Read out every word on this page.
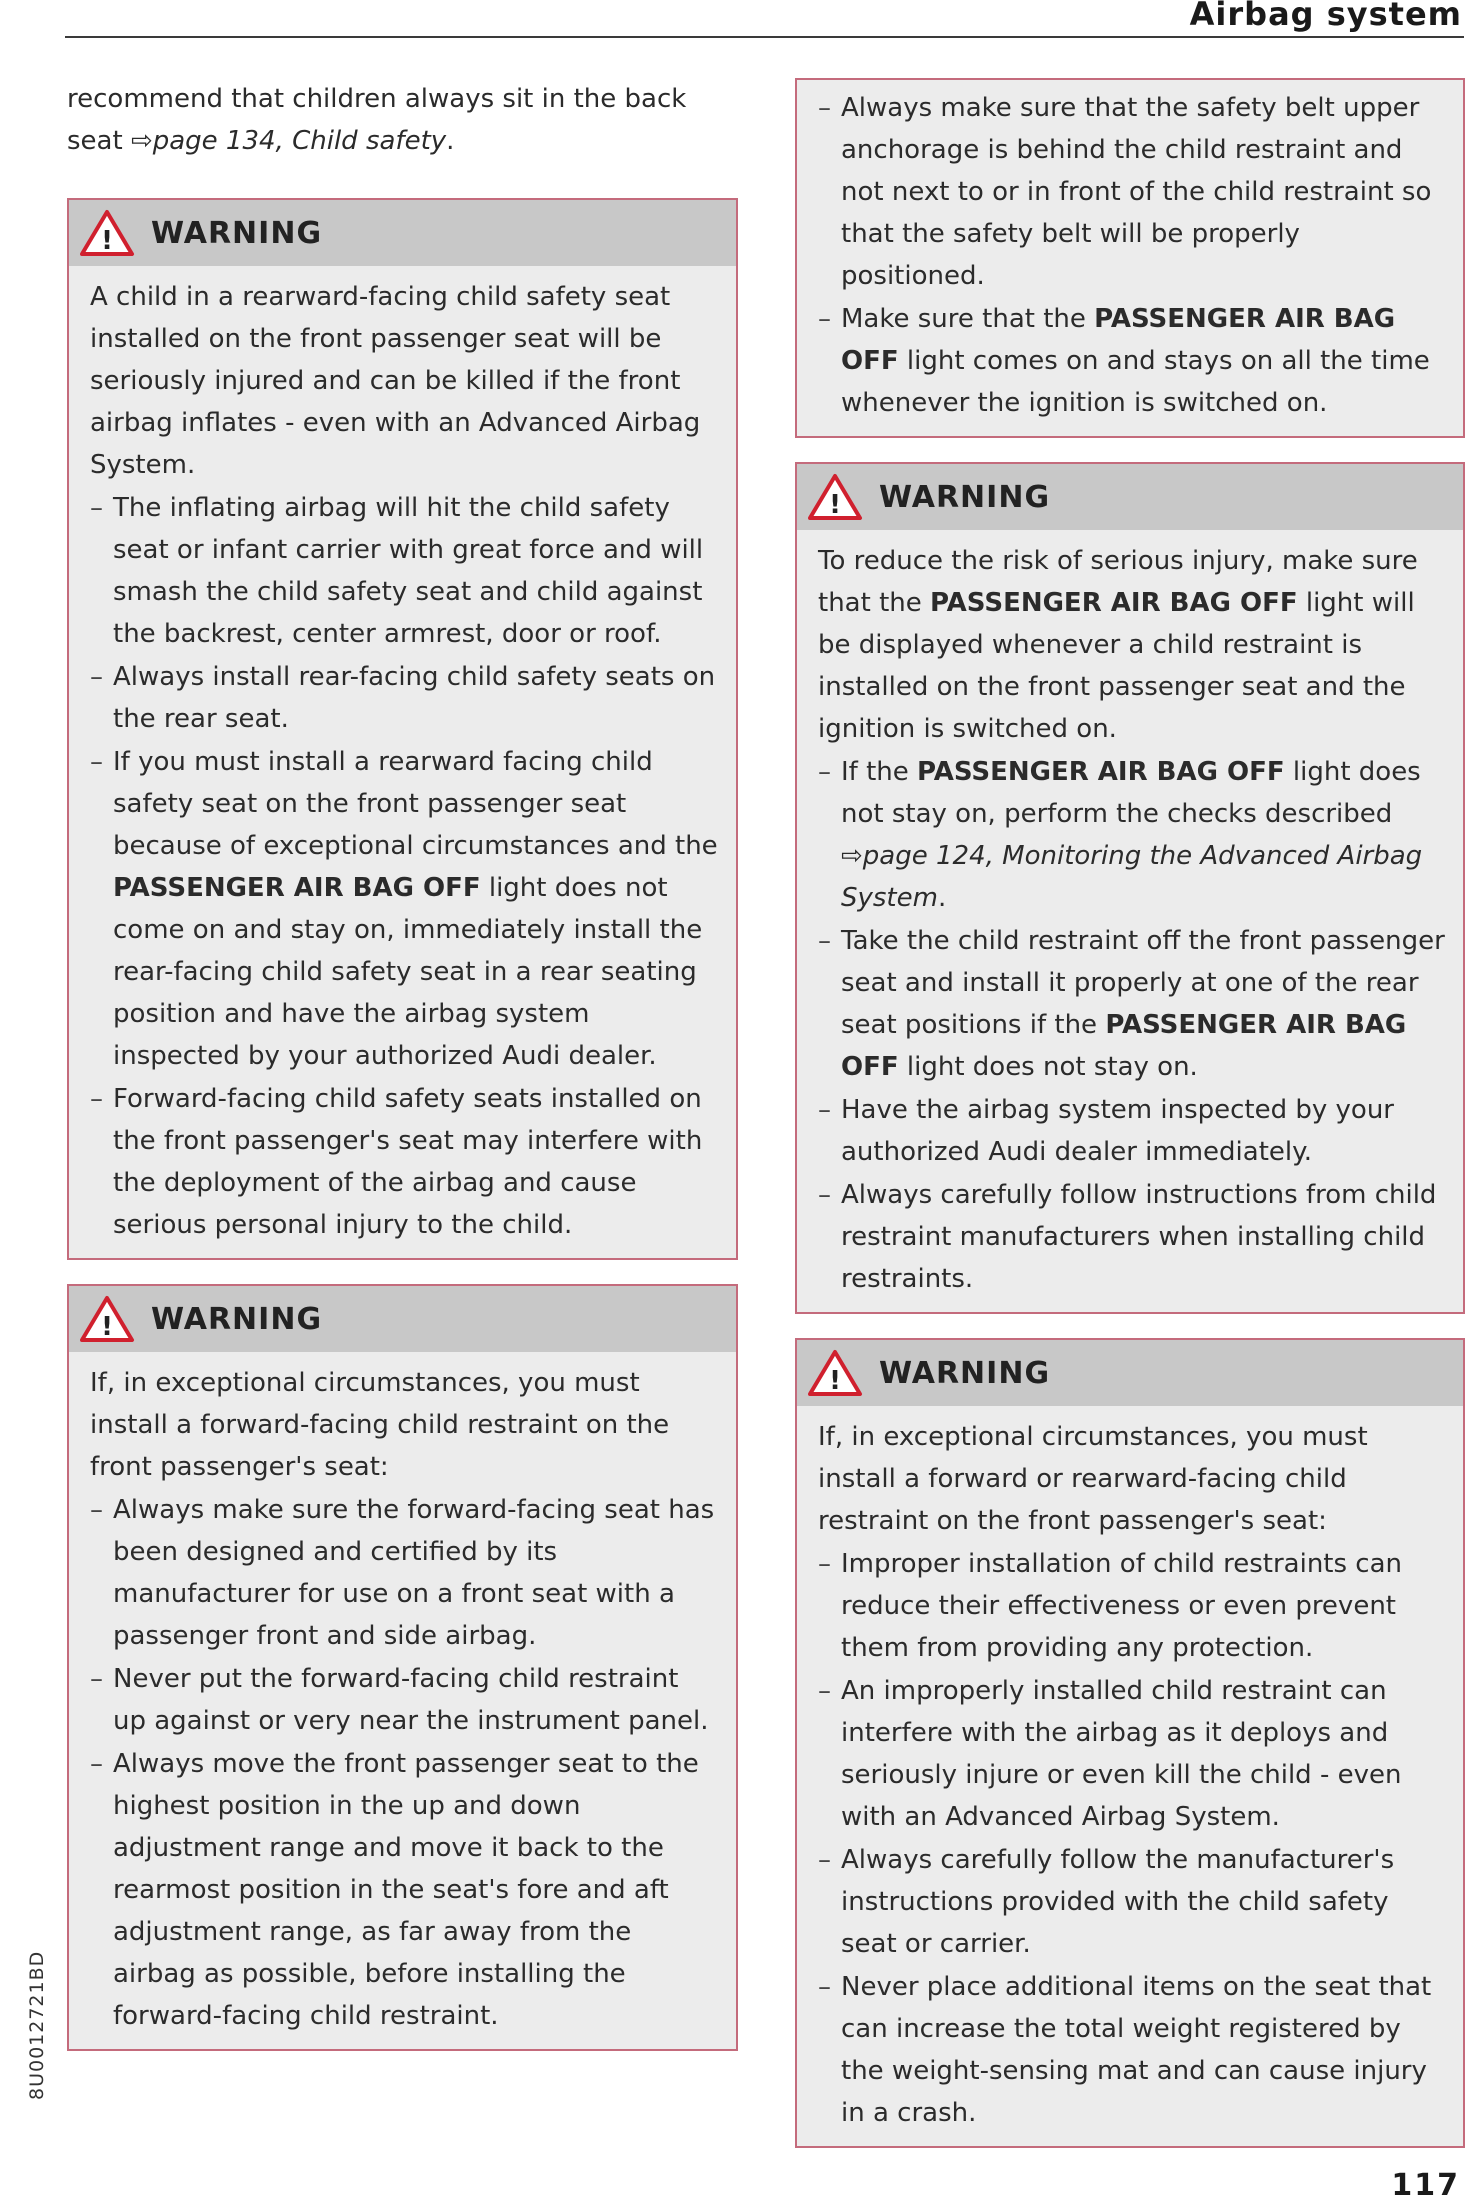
Airbag system

recommend that children always sit in the back seat ⇨page 134, Child safety.

! WARNING

A child in a rearward-facing child safety seat installed on the front passenger seat will be seriously injured and can be killed if the front airbag inflates - even with an Advanced Airbag System.

– The inflating airbag will hit the child safety seat or infant carrier with great force and will smash the child safety seat and child against the backrest, center armrest, door or roof.
– Always install rear-facing child safety seats on the rear seat.
– If you must install a rearward facing child safety seat on the front passenger seat because of exceptional circumstances and the PASSENGER AIR BAG OFF light does not come on and stay on, immediately install the rear-facing child safety seat in a rear seating position and have the airbag system inspected by your authorized Audi dealer.
– Forward-facing child safety seats installed on the front passenger's seat may interfere with the deployment of the airbag and cause serious personal injury to the child.
! WARNING

If, in exceptional circumstances, you must install a forward-facing child restraint on the front passenger's seat:

– Always make sure the forward-facing seat has been designed and certified by its manufacturer for use on a front seat with a passenger front and side airbag.
– Never put the forward-facing child restraint up against or very near the instrument panel.
– Always move the front passenger seat to the highest position in the up and down adjustment range and move it back to the rearmost position in the seat's fore and aft adjustment range, as far away from the airbag as possible, before installing the forward-facing child restraint.
– Always make sure that the safety belt upper anchorage is behind the child restraint and not next to or in front of the child restraint so that the safety belt will be properly positioned.
– Make sure that the PASSENGER AIR BAG OFF light comes on and stays on all the time whenever the ignition is switched on.
! WARNING

To reduce the risk of serious injury, make sure that the PASSENGER AIR BAG OFF light will be displayed whenever a child restraint is installed on the front passenger seat and the ignition is switched on.

– If the PASSENGER AIR BAG OFF light does not stay on, perform the checks described ⇨page 124, Monitoring the Advanced Airbag System.
– Take the child restraint off the front passenger seat and install it properly at one of the rear seat positions if the PASSENGER AIR BAG OFF light does not stay on.
– Have the airbag system inspected by your authorized Audi dealer immediately.
– Always carefully follow instructions from child restraint manufacturers when installing child restraints.
! WARNING

If, in exceptional circumstances, you must install a forward or rearward-facing child restraint on the front passenger's seat:

– Improper installation of child restraints can reduce their effectiveness or even prevent them from providing any protection.
– An improperly installed child restraint can interfere with the airbag as it deploys and seriously injure or even kill the child - even with an Advanced Airbag System.
– Always carefully follow the manufacturer's instructions provided with the child safety seat or carrier.
– Never place additional items on the seat that can increase the total weight registered by the weight-sensing mat and can cause injury in a crash.
8U0012721BD
117
